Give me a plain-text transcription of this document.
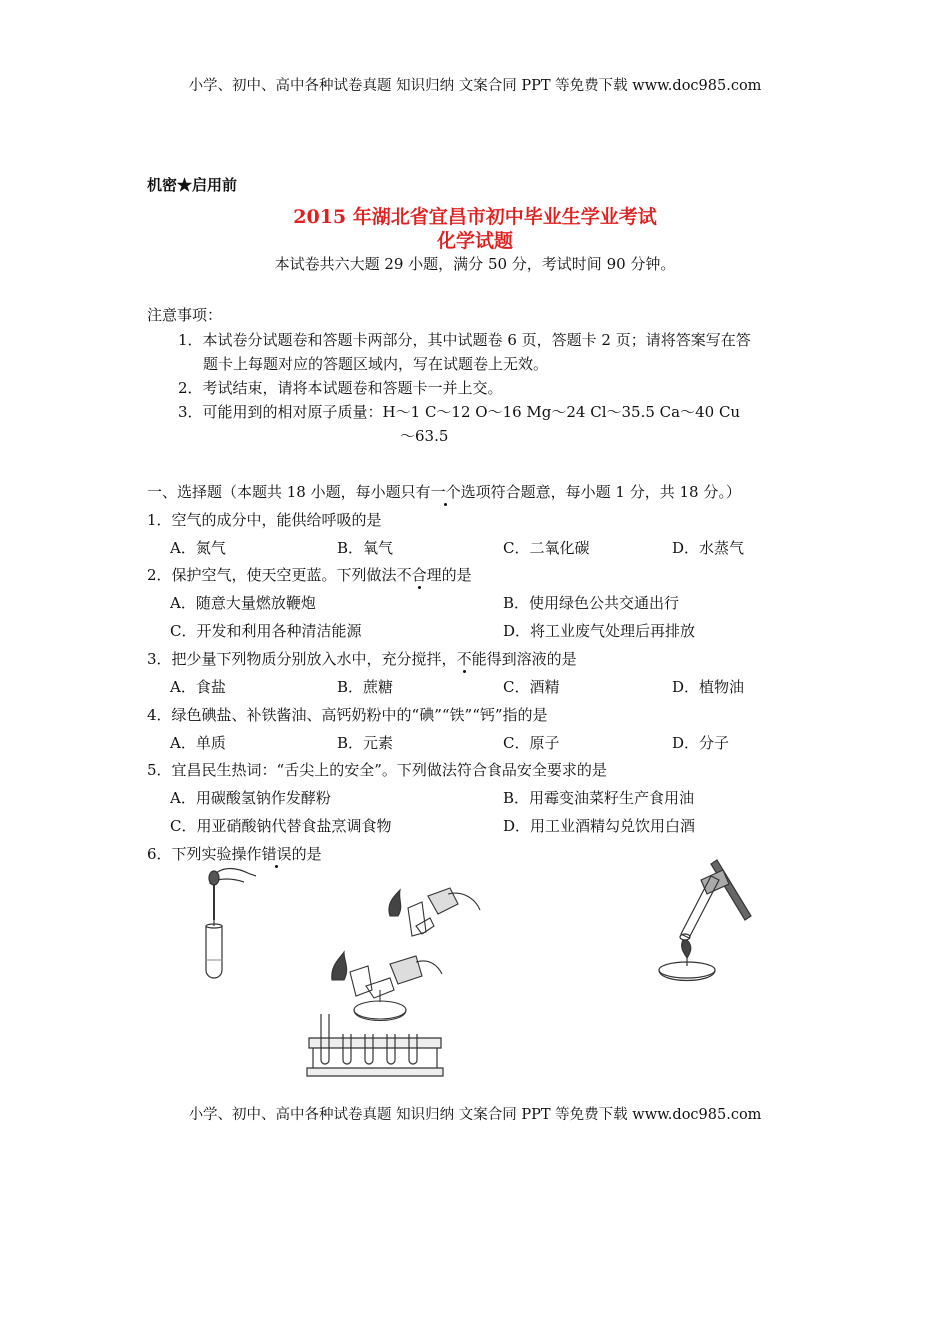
小学、初中、高中各种试卷真题 知识归纳 文案合同 PPT 等免费下载 www.doc985.com
机密★启用前
2015 年湖北省宜昌市初中毕业生学业考试
化学试题
本试卷共六大题 29 小题，满分 50 分，考试时间 90 分钟。
注意事项：
1．本试卷分试题卷和答题卡两部分，其中试题卷 6 页，答题卡 2 页；请将答案写在答
题卡上每题对应的答题区域内，写在试题卷上无效。
2．考试结束，请将本试题卷和答题卡一并上交。
3．可能用到的相对原子质量：H～1 C～12 O～16 Mg～24 Cl～35.5 Ca～40 Cu
～63.5
一、选择题（本题共 18 小题，每小题只有一个选项符合题意，每小题 1 分，共 18 分。）
1．空气的成分中，能供给呼吸的是
A．氮气	B．氧气	C．二氧化碳	D．水蒸气
2．保护空气，使天空更蓝。下列做法不合理的是
A．随意大量燃放鞭炮	B．使用绿色公共交通出行
C．开发和利用各种清洁能源	D．将工业废气处理后再排放
3．把少量下列物质分别放入水中，充分搅拌，不能得到溶液的是
A．食盐	B．蔗糖	C．酒精	D．植物油
4．绿色碘盐、补铁酱油、高钙奶粉中的“碘”“铁”“钙”指的是
A．单质	B．元素	C．原子	D．分子
5．宜昌民生热词：“舌尖上的安全”。下列做法符合食品安全要求的是
A．用碳酸氢钠作发酵粉	B．用霉变油菜籽生产食用油
C．用亚硝酸钠代替食盐烹调食物	D．用工业酒精勾兑饮用白酒
6．下列实验操作错误的是
小学、初中、高中各种试卷真题 知识归纳 文案合同 PPT 等免费下载 www.doc985.com
